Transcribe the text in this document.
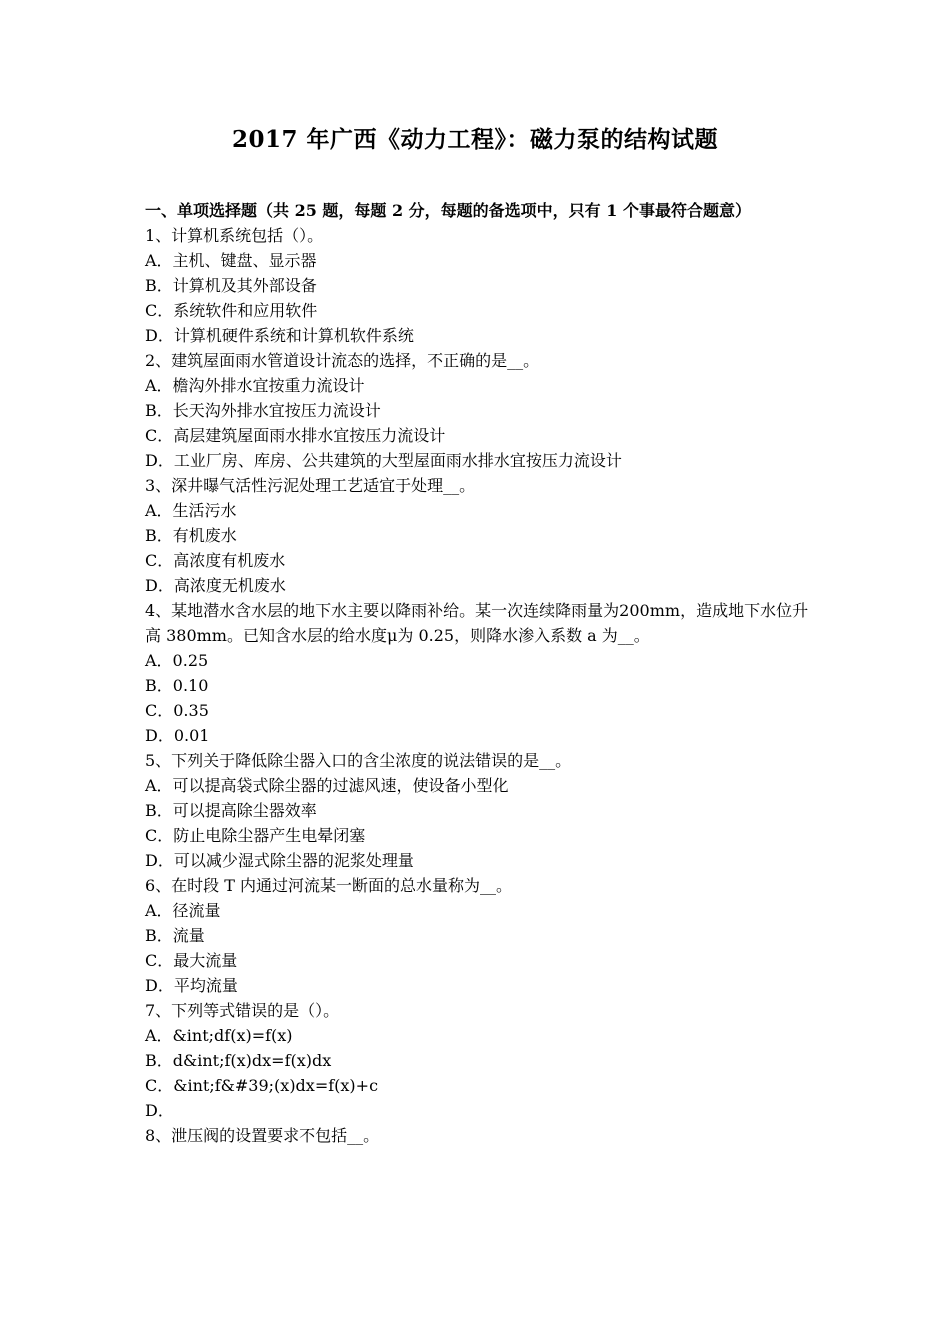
2017 年广西《动力工程》：磁力泵的结构试题

一、单项选择题（共 25 题，每题 2 分，每题的备选项中，只有 1 个事最符合题意）

1、计算机系统包括（）。

A．主机、键盘、显示器

B．计算机及其外部设备

C．系统软件和应用软件

D．计算机硬件系统和计算机软件系统

2、建筑屋面雨水管道设计流态的选择，不正确的是__。

A．檐沟外排水宜按重力流设计

B．长天沟外排水宜按压力流设计

C．高层建筑屋面雨水排水宜按压力流设计

D．工业厂房、库房、公共建筑的大型屋面雨水排水宜按压力流设计

3、深井曝气活性污泥处理工艺适宜于处理__。

A．生活污水

B．有机废水

C．高浓度有机废水

D．高浓度无机废水

4、某地潜水含水层的地下水主要以降雨补给。某一次连续降雨量为200mm，造成地下水位升高 380mm。已知含水层的给水度μ为 0.25，则降水渗入系数 a 为__。

A．0.25

B．0.10

C．0.35

D．0.01

5、下列关于降低除尘器入口的含尘浓度的说法错误的是__。

A．可以提高袋式除尘器的过滤风速，使设备小型化

B．可以提高除尘器效率

C．防止电除尘器产生电晕闭塞

D．可以减少湿式除尘器的泥浆处理量

6、在时段 T 内通过河流某一断面的总水量称为__。

A．径流量

B．流量

C．最大流量

D．平均流量

7、下列等式错误的是（）。

A．&int;df(x)=f(x)

B．d&int;f(x)dx=f(x)dx

C．&int;f&#39;(x)dx=f(x)+c

D．

8、泄压阀的设置要求不包括__。
